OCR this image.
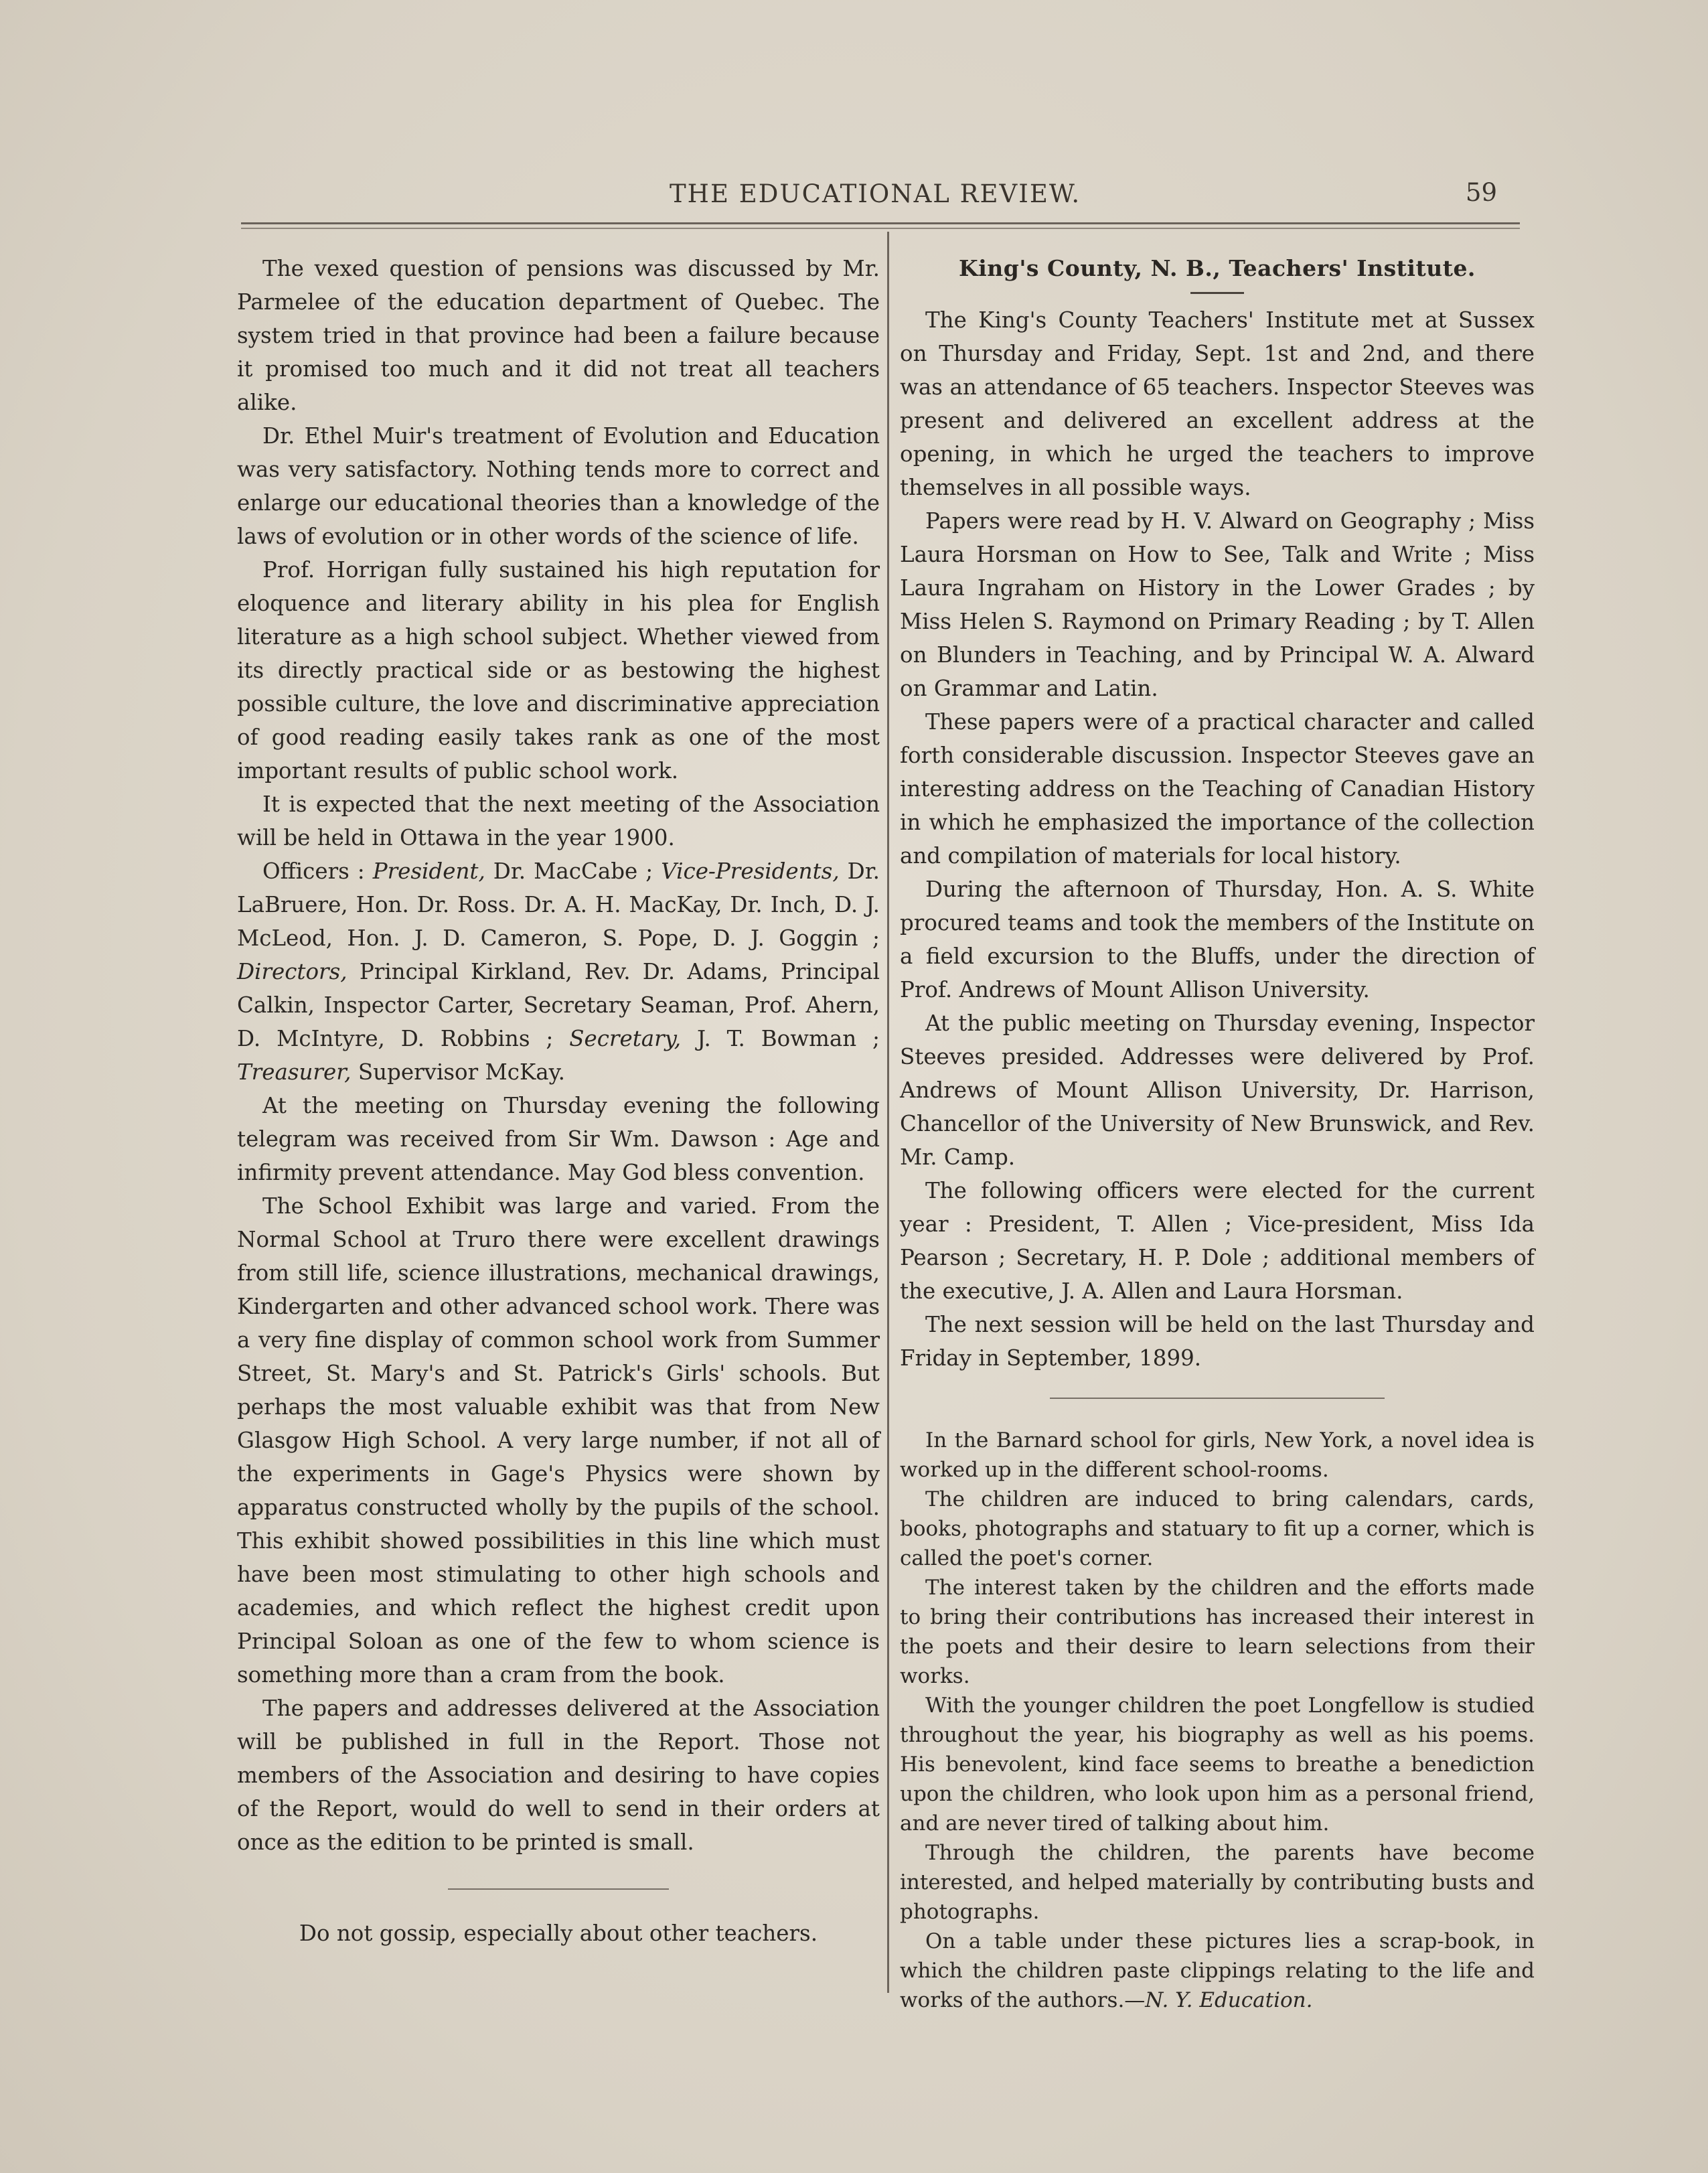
THE EDUCATIONAL REVIEW.	59

The vexed question of pensions was discussed by Mr. Parmelee of the education department of Quebec. The system tried in that province had been a failure because it promised too much and it did not treat all teachers alike.

Dr. Ethel Muir's treatment of Evolution and Education was very satisfactory. Nothing tends more to correct and enlarge our educational theories than a knowledge of the laws of evolution or in other words of the science of life.

Prof. Horrigan fully sustained his high reputation for eloquence and literary ability in his plea for English literature as a high school subject. Whether viewed from its directly practical side or as bestowing the highest possible culture, the love and discriminative appreciation of good reading easily takes rank as one of the most important results of public school work.

It is expected that the next meeting of the Association will be held in Ottawa in the year 1900.

Officers : President, Dr. MacCabe ; Vice-Presidents, Dr. LaBruere, Hon. Dr. Ross. Dr. A. H. MacKay, Dr. Inch, D. J. McLeod, Hon. J. D. Cameron, S. Pope, D. J. Goggin ; Directors, Principal Kirkland, Rev. Dr. Adams, Principal Calkin, Inspector Carter, Secretary Seaman, Prof. Ahern, D. McIntyre, D. Robbins ; Secretary, J. T. Bowman ; Treasurer, Supervisor McKay.

At the meeting on Thursday evening the following telegram was received from Sir Wm. Dawson : Age and infirmity prevent attendance. May God bless convention.

The School Exhibit was large and varied. From the Normal School at Truro there were excellent drawings from still life, science illustrations, mechanical drawings, Kindergarten and other advanced school work. There was a very fine display of common school work from Summer Street, St. Mary's and St. Patrick's Girls' schools. But perhaps the most valuable exhibit was that from New Glasgow High School. A very large number, if not all of the experiments in Gage's Physics were shown by apparatus constructed wholly by the pupils of the school. This exhibit showed possibilities in this line which must have been most stimulating to other high schools and academies, and which reflect the highest credit upon Principal Soloan as one of the few to whom science is something more than a cram from the book.

The papers and addresses delivered at the Association will be published in full in the Report. Those not members of the Association and desiring to have copies of the Report, would do well to send in their orders at once as the edition to be printed is small.

Do not gossip, especially about other teachers.

King's County, N. B., Teachers' Institute.

The King's County Teachers' Institute met at Sussex on Thursday and Friday, Sept. 1st and 2nd, and there was an attendance of 65 teachers. Inspector Steeves was present and delivered an excellent address at the opening, in which he urged the teachers to improve themselves in all possible ways.

Papers were read by H. V. Alward on Geography ; Miss Laura Horsman on How to See, Talk and Write ; Miss Laura Ingraham on History in the Lower Grades ; by Miss Helen S. Raymond on Primary Reading ; by T. Allen on Blunders in Teaching, and by Principal W. A. Alward on Grammar and Latin.

These papers were of a practical character and called forth considerable discussion. Inspector Steeves gave an interesting address on the Teaching of Canadian History in which he emphasized the importance of the collection and compilation of materials for local history.

During the afternoon of Thursday, Hon. A. S. White procured teams and took the members of the Institute on a field excursion to the Bluffs, under the direction of Prof. Andrews of Mount Allison University.

At the public meeting on Thursday evening, Inspector Steeves presided. Addresses were delivered by Prof. Andrews of Mount Allison University, Dr. Harrison, Chancellor of the University of New Brunswick, and Rev. Mr. Camp.

The following officers were elected for the current year : President, T. Allen ; Vice-president, Miss Ida Pearson ; Secretary, H. P. Dole ; additional members of the executive, J. A. Allen and Laura Horsman.

The next session will be held on the last Thursday and Friday in September, 1899.

In the Barnard school for girls, New York, a novel idea is worked up in the different school-rooms.

The children are induced to bring calendars, cards, books, photographs and statuary to fit up a corner, which is called the poet's corner.

The interest taken by the children and the efforts made to bring their contributions has increased their interest in the poets and their desire to learn selections from their works.

With the younger children the poet Longfellow is studied throughout the year, his biography as well as his poems. His benevolent, kind face seems to breathe a benediction upon the children, who look upon him as a personal friend, and are never tired of talking about him.

Through the children, the parents have become interested, and helped materially by contributing busts and photographs.

On a table under these pictures lies a scrap-book, in which the children paste clippings relating to the life and works of the authors.—N. Y. Education.
